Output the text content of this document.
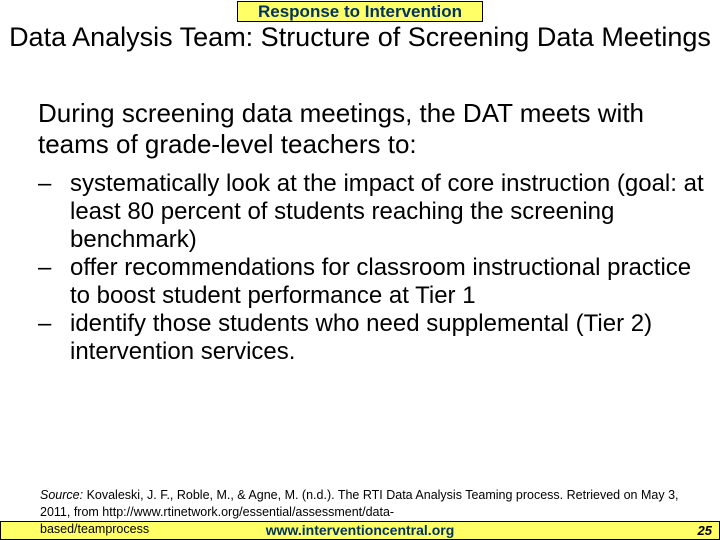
Response to Intervention
Data Analysis Team: Structure of Screening Data Meetings

During screening data meetings, the DAT meets with teams of grade-level teachers to:

– systematically look at the impact of core instruction (goal: at least 80 percent of students reaching the screening benchmark)
– offer recommendations for classroom instructional practice to boost student performance at Tier 1
– identify those students who need supplemental (Tier 2) intervention services.
Source: Kovaleski, J. F., Roble, M., & Agne, M. (n.d.). The RTI Data Analysis Teaming process. Retrieved on May 3, 2011, from http://www.rtinetwork.org/essential/assessment/data-
based/teamprocess	www.interventioncentral.org	25
